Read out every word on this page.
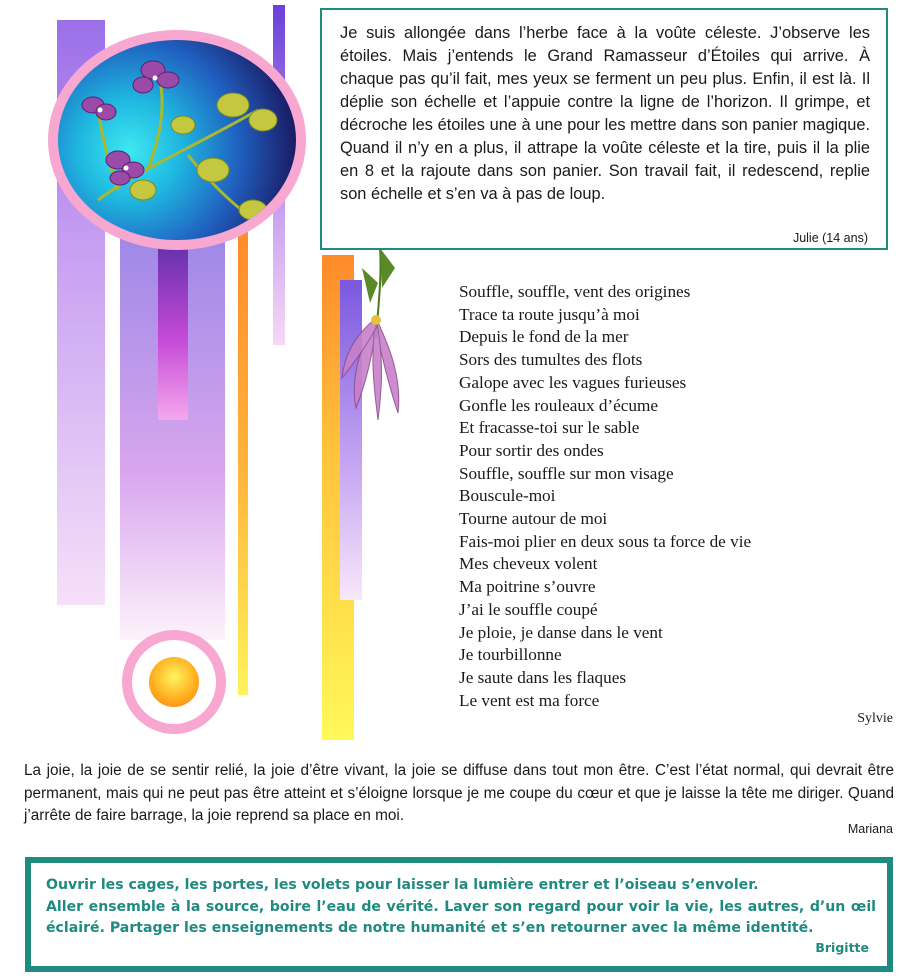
Je suis allongée dans l’herbe face à la voûte céleste. J’observe les étoiles. Mais j’entends le Grand Ramasseur d’Étoiles qui arrive. À chaque pas qu’il fait, mes yeux se ferment un peu plus. Enfin, il est là. Il déplie son échelle et l’appuie contre la ligne de l’horizon. Il grimpe, et décroche les étoiles une à une pour les mettre dans son panier magique. Quand il n’y en a plus, il attrape la voûte céleste et la tire, puis il la plie en 8 et la rajoute dans son panier. Son travail fait, il redescend, replie son échelle et s’en va à pas de loup.
Julie (14 ans)
Souffle, souffle, vent des origines
Trace ta route jusqu’à moi
Depuis le fond de la mer
Sors des tumultes des flots
Galope avec les vagues furieuses
Gonfle les rouleaux d’écume
Et fracasse-toi sur le sable
Pour sortir des ondes
Souffle, souffle sur mon visage
Bouscule-moi
Tourne autour de moi
Fais-moi plier en deux sous ta force de vie
Mes cheveux volent
Ma poitrine s’ouvre
J’ai le souffle coupé
Je ploie, je danse dans le vent
Je tourbillonne
Je saute dans les flaques
Le vent est ma force
Sylvie
La joie, la joie de se sentir relié, la joie d’être vivant, la joie se diffuse dans tout mon être. C’est l’état normal, qui devrait être permanent, mais qui ne peut pas être atteint et s’éloigne lorsque je me coupe du cœur et que je laisse la tête me diriger. Quand j’arrête de faire barrage, la joie reprend sa place en moi.
Mariana
Ouvrir les cages, les portes, les volets pour laisser la lumière entrer et l’oiseau s’envoler.
Aller ensemble à la source, boire l’eau de vérité. Laver son regard pour voir la vie, les autres, d’un œil éclairé. Partager les enseignements de notre humanité et s’en retourner avec la même identité.
Brigitte
